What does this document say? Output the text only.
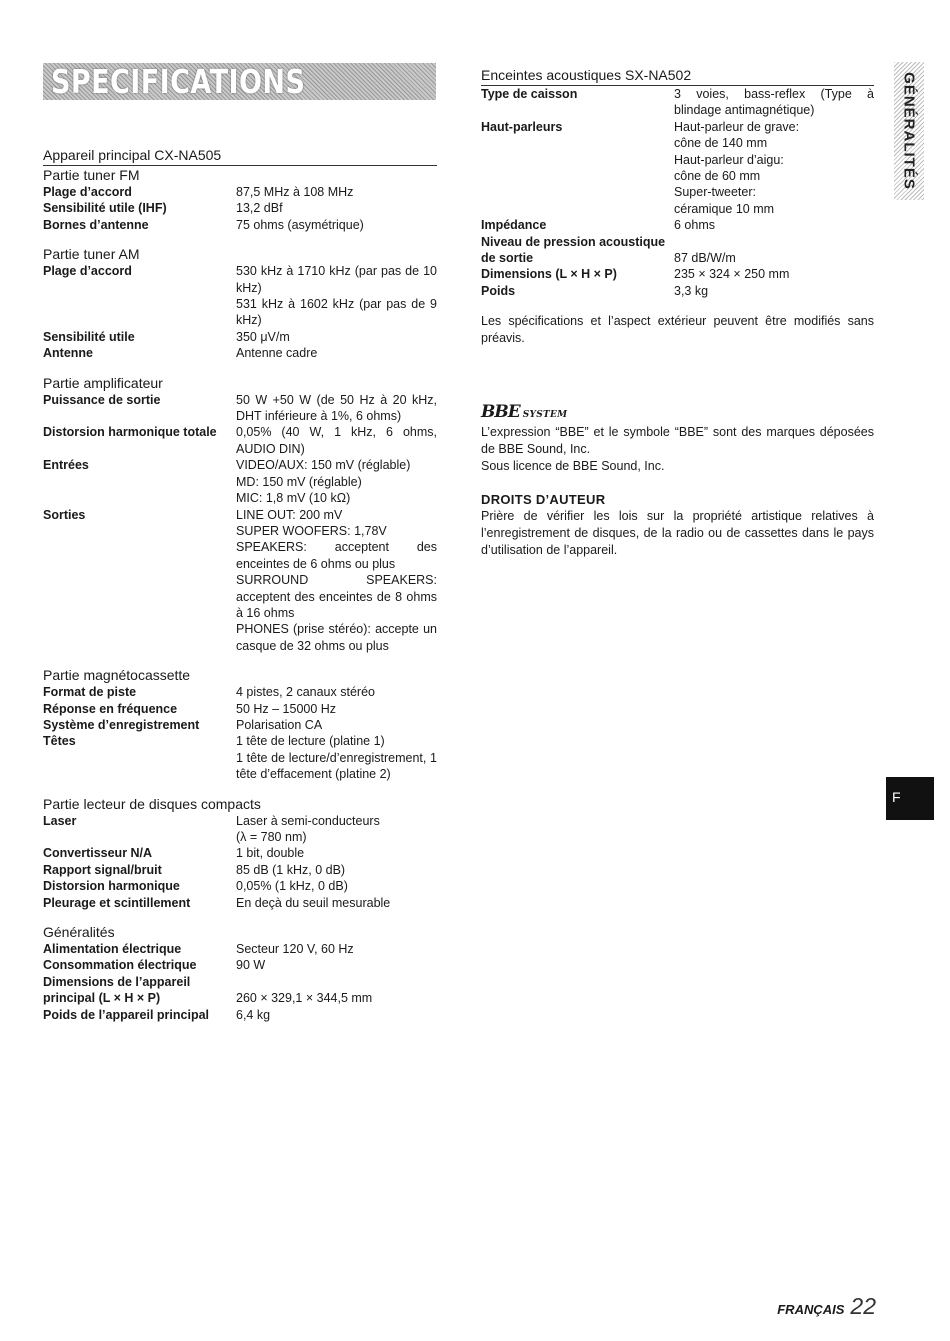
SPECIFICATIONS
Appareil principal CX-NA505
Partie tuner FM
Plage d’accord	87,5 MHz à 108 MHz
Sensibilité utile (IHF)	13,2 dBf
Bornes d’antenne	75 ohms (asymétrique)
Partie tuner AM
Plage d’accord	530 kHz à 1710 kHz (par pas de 10 kHz)
531 kHz à 1602 kHz (par pas de 9 kHz)
Sensibilité utile	350 μV/m
Antenne	Antenne cadre
Partie amplificateur
Puissance de sortie	50 W +50 W (de 50 Hz à 20 kHz, DHT inférieure à 1%, 6 ohms)
Distorsion harmonique totale	0,05% (40 W, 1 kHz, 6 ohms, AUDIO DIN)
Entrées	VIDEO/AUX: 150 mV (réglable)
MD: 150 mV (réglable)
MIC: 1,8 mV (10 kΩ)
Sorties	LINE OUT: 200 mV
SUPER WOOFERS: 1,78V
SPEAKERS: acceptent des enceintes de 6 ohms ou plus
SURROUND SPEAKERS: acceptent des enceintes de 8 ohms à 16 ohms
PHONES (prise stéréo): accepte un casque de 32 ohms ou plus
Partie magnétocassette
Format de piste	4 pistes, 2 canaux stéréo
Réponse en fréquence	50 Hz – 15000 Hz
Système d’enregistrement	Polarisation CA
Têtes	1 tête de lecture (platine 1)
1 tête de lecture/d’enregistrement, 1 tête d’effacement (platine 2)
Partie lecteur de disques compacts
Laser	Laser à semi-conducteurs
(λ = 780 nm)
Convertisseur N/A	1 bit, double
Rapport signal/bruit	85 dB (1 kHz, 0 dB)
Distorsion harmonique	0,05% (1 kHz, 0 dB)
Pleurage et scintillement	En deçà du seuil mesurable
Généralités
Alimentation électrique	Secteur 120 V, 60 Hz
Consommation électrique	90 W
Dimensions de l’appareil principal (L × H × P)	
260 × 329,1 × 344,5 mm
Poids de l’appareil principal	6,4 kg
Enceintes acoustiques SX-NA502
Type de caisson	3 voies, bass-reflex (Type à blindage antimagnétique)
Haut-parleurs	Haut-parleur de grave:
cône de 140 mm
Haut-parleur d’aigu:
cône de 60 mm
Super-tweeter:
céramique 10 mm
Impédance	6 ohms
Niveau de pression acoustique de sortie	
87 dB/W/m
Dimensions (L × H × P)	235 × 324 × 250 mm
Poids	3,3 kg

Les spécifications et l’aspect extérieur peuvent être modifiés sans préavis.

BBE SYSTEM

L’expression “BBE” et le symbole “BBE” sont des marques déposées de BBE Sound, Inc.

Sous licence de BBE Sound, Inc.

DROITS D’AUTEUR

Prière de vérifier les lois sur la propriété artistique relatives à l’enregistrement de disques, de la radio ou de cassettes dans le pays d’utilisation de l’appareil.

GÉNÉRALITÉS
F
FRANÇAIS 22
